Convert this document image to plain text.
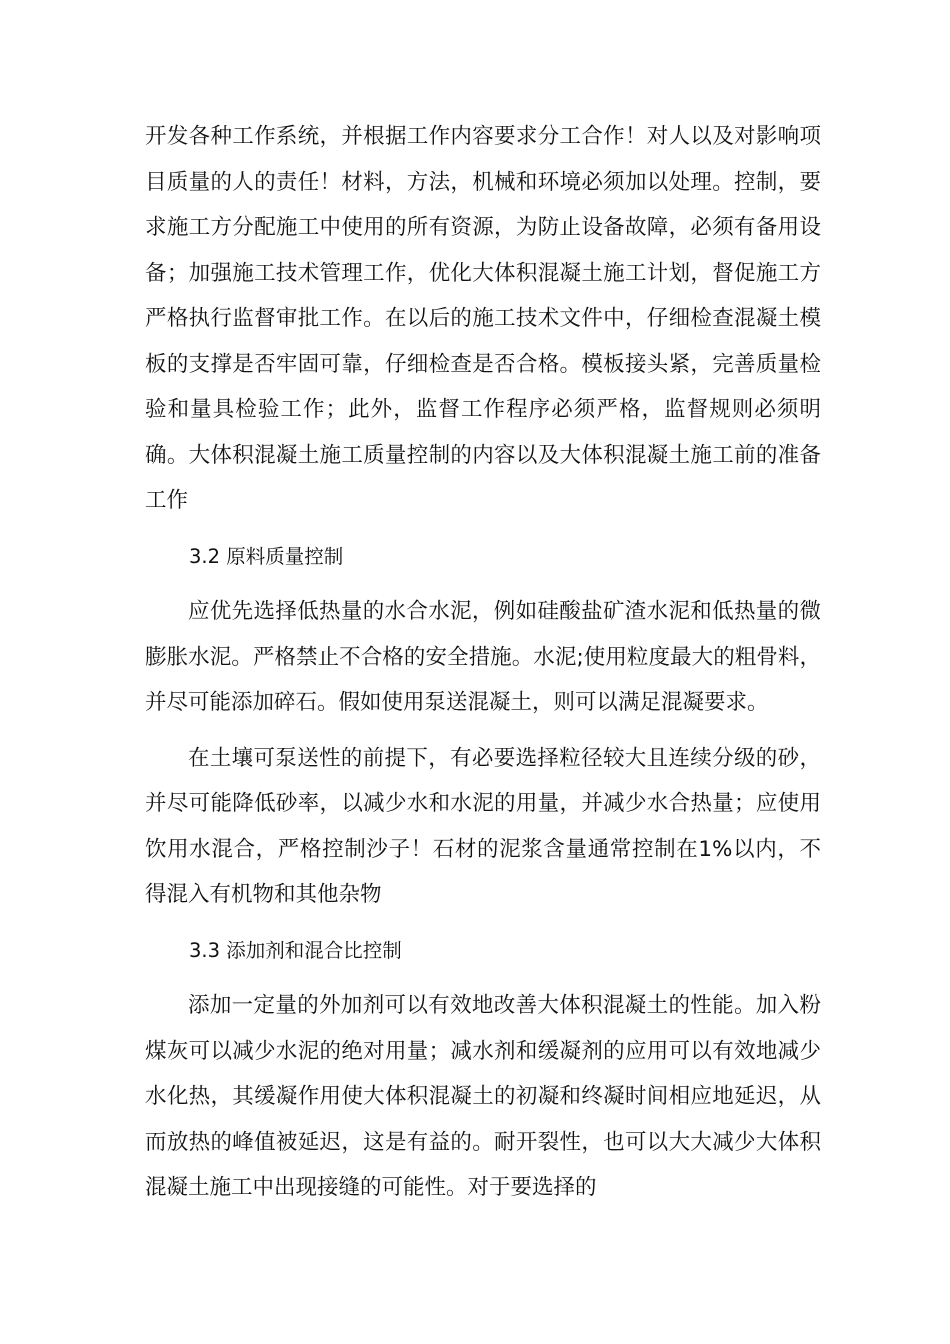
开发各种工作系统，并根据工作内容要求分工合作！对人以及对影响项目质量的人的责任！材料，方法，机械和环境必须加以处理。控制，要求施工方分配施工中使用的所有资源，为防止设备故障，必须有备用设备；加强施工技术管理工作，优化大体积混凝土施工计划，督促施工方严格执行监督审批工作。在以后的施工技术文件中，仔细检查混凝土模板的支撑是否牢固可靠，仔细检查是否合格。模板接头紧，完善质量检验和量具检验工作；此外，监督工作程序必须严格，监督规则必须明确。大体积混凝土施工质量控制的内容以及大体积混凝土施工前的准备工作

3.2 原料质量控制

应优先选择低热量的水合水泥，例如硅酸盐矿渣水泥和低热量的微膨胀水泥。严格禁止不合格的安全措施。水泥;使用粒度最大的粗骨料，并尽可能添加碎石。假如使用泵送混凝土，则可以满足混凝要求。

在土壤可泵送性的前提下，有必要选择粒径较大且连续分级的砂，并尽可能降低砂率，以减少水和水泥的用量，并减少水合热量；应使用饮用水混合，严格控制沙子！石材的泥浆含量通常控制在1%以内，不得混入有机物和其他杂物

3.3 添加剂和混合比控制

添加一定量的外加剂可以有效地改善大体积混凝土的性能。加入粉煤灰可以减少水泥的绝对用量；减水剂和缓凝剂的应用可以有效地减少水化热，其缓凝作用使大体积混凝土的初凝和终凝时间相应地延迟，从而放热的峰值被延迟，这是有益的。耐开裂性，也可以大大减少大体积混凝土施工中出现接缝的可能性。对于要选择的
